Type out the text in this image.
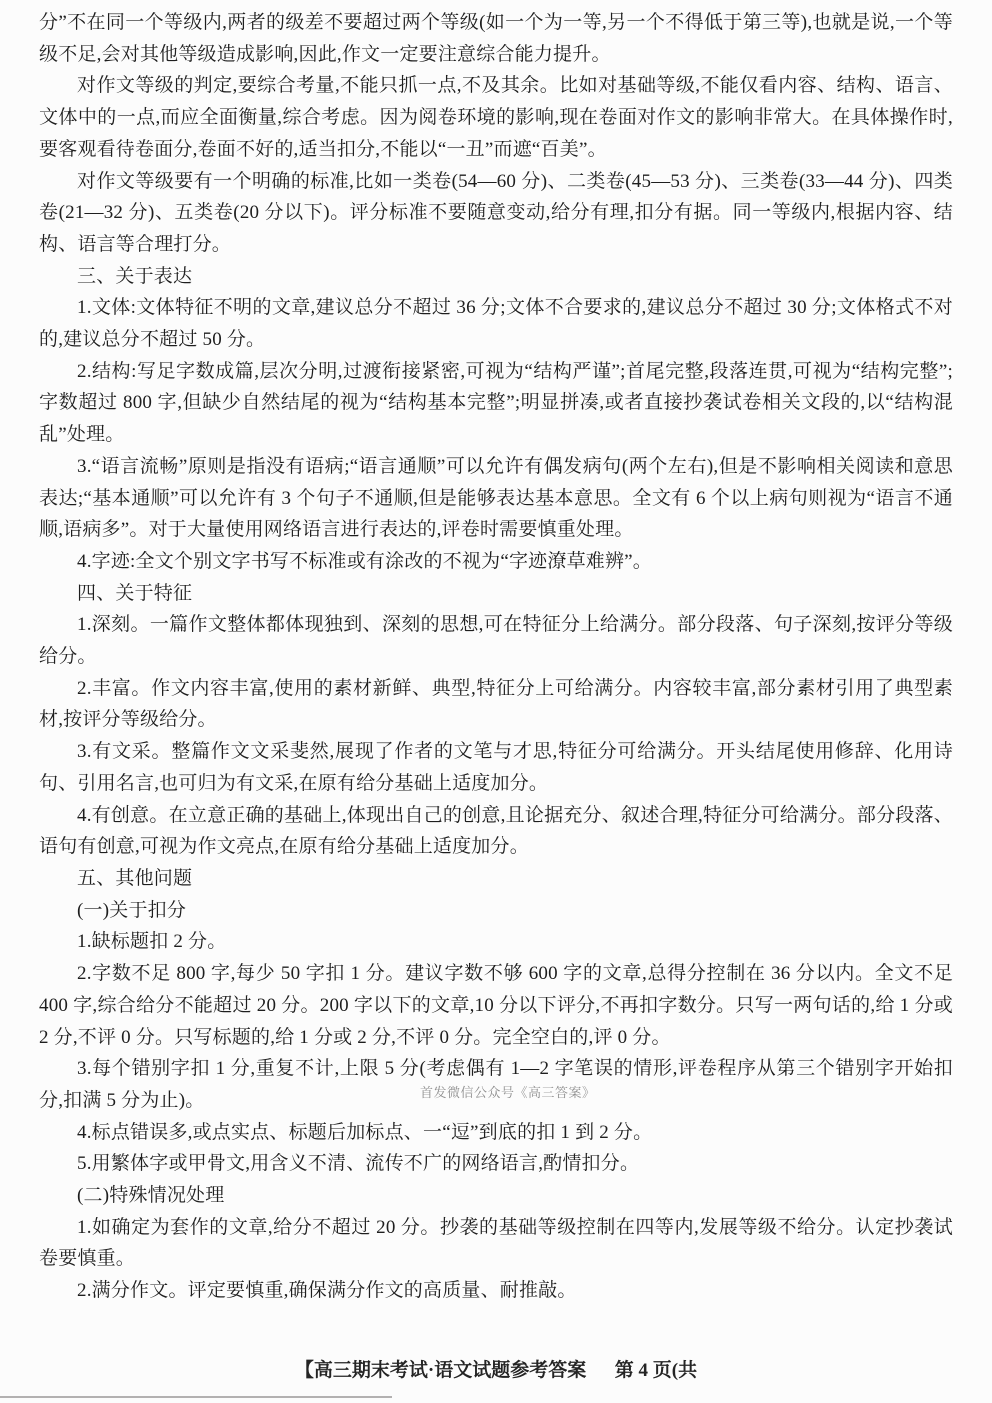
分”不在同一个等级内,两者的级差不要超过两个等级(如一个为一等,另一个不得低于第三等),也就是说,一个等级不足,会对其他等级造成影响,因此,作文一定要注意综合能力提升。

对作文等级的判定,要综合考量,不能只抓一点,不及其余。比如对基础等级,不能仅看内容、结构、语言、文体中的一点,而应全面衡量,综合考虑。因为阅卷环境的影响,现在卷面对作文的影响非常大。在具体操作时,要客观看待卷面分,卷面不好的,适当扣分,不能以“一丑”而遮“百美”。

对作文等级要有一个明确的标准,比如一类卷(54—60 分)、二类卷(45—53 分)、三类卷(33—44 分)、四类卷(21—32 分)、五类卷(20 分以下)。评分标准不要随意变动,给分有理,扣分有据。同一等级内,根据内容、结构、语言等合理打分。

三、关于表达

1.文体:文体特征不明的文章,建议总分不超过 36 分;文体不合要求的,建议总分不超过 30 分;文体格式不对的,建议总分不超过 50 分。

2.结构:写足字数成篇,层次分明,过渡衔接紧密,可视为“结构严谨”;首尾完整,段落连贯,可视为“结构完整”;字数超过 800 字,但缺少自然结尾的视为“结构基本完整”;明显拼凑,或者直接抄袭试卷相关文段的,以“结构混乱”处理。

3.“语言流畅”原则是指没有语病;“语言通顺”可以允许有偶发病句(两个左右),但是不影响相关阅读和意思表达;“基本通顺”可以允许有 3 个句子不通顺,但是能够表达基本意思。全文有 6 个以上病句则视为“语言不通顺,语病多”。对于大量使用网络语言进行表达的,评卷时需要慎重处理。

4.字迹:全文个别文字书写不标准或有涂改的不视为“字迹潦草难辨”。

四、关于特征

1.深刻。一篇作文整体都体现独到、深刻的思想,可在特征分上给满分。部分段落、句子深刻,按评分等级给分。

2.丰富。作文内容丰富,使用的素材新鲜、典型,特征分上可给满分。内容较丰富,部分素材引用了典型素材,按评分等级给分。

3.有文采。整篇作文文采斐然,展现了作者的文笔与才思,特征分可给满分。开头结尾使用修辞、化用诗句、引用名言,也可归为有文采,在原有给分基础上适度加分。

4.有创意。在立意正确的基础上,体现出自己的创意,且论据充分、叙述合理,特征分可给满分。部分段落、语句有创意,可视为作文亮点,在原有给分基础上适度加分。

五、其他问题

(一)关于扣分

1.缺标题扣 2 分。

2.字数不足 800 字,每少 50 字扣 1 分。建议字数不够 600 字的文章,总得分控制在 36 分以内。全文不足 400 字,综合给分不能超过 20 分。200 字以下的文章,10 分以下评分,不再扣字数分。只写一两句话的,给 1 分或 2 分,不评 0 分。只写标题的,给 1 分或 2 分,不评 0 分。完全空白的,评 0 分。

3.每个错别字扣 1 分,重复不计,上限 5 分(考虑偶有 1—2 字笔误的情形,评卷程序从第三个错别字开始扣分,扣满 5 分为止)。

4.标点错误多,或点实点、标题后加标点、一“逗”到底的扣 1 到 2 分。

5.用繁体字或甲骨文,用含义不清、流传不广的网络语言,酌情扣分。

(二)特殊情况处理

1.如确定为套作的文章,给分不超过 20 分。抄袭的基础等级控制在四等内,发展等级不给分。认定抄袭试卷要慎重。

2.满分作文。评定要慎重,确保满分作文的高质量、耐推敲。

首发微信公众号《高三答案》
【高三期末考试·语文试题参考答案 第 4 页(共
